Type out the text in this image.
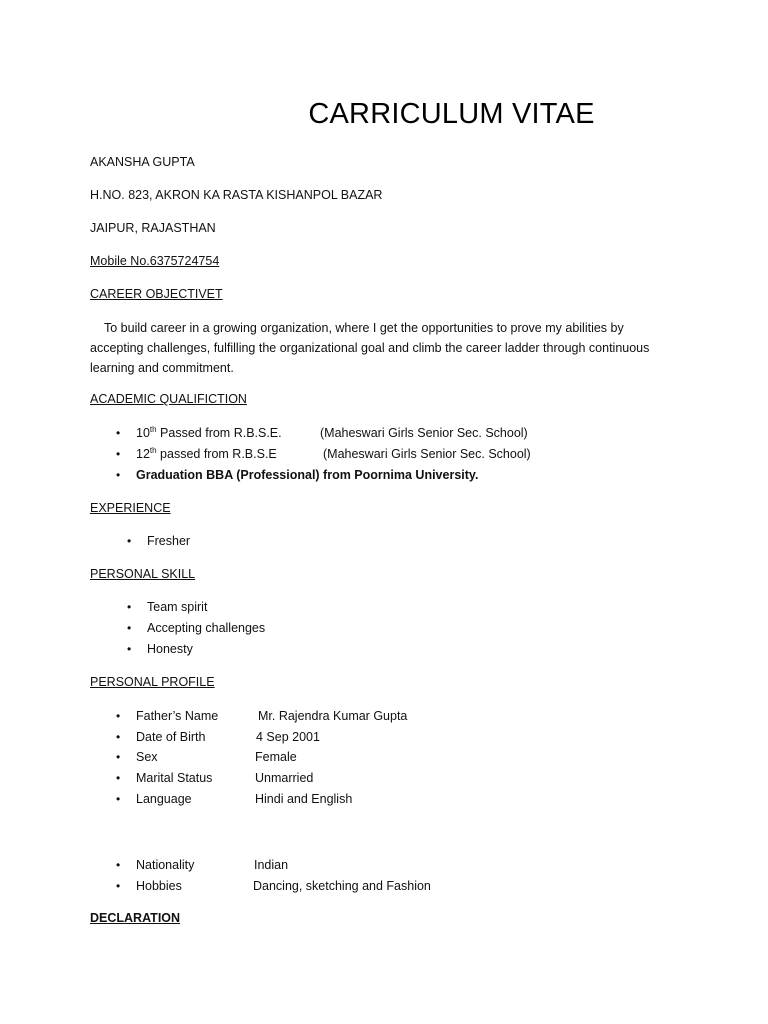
CARRICULUM VITAE
AKANSHA GUPTA
H.NO. 823, AKRON KA RASTA KISHANPOL BAZAR
JAIPUR, RAJASTHAN
Mobile No.6375724754
CAREER OBJECTIVET
To build career in a growing organization, where I get the opportunities to prove my abilities by accepting challenges, fulfilling the organizational goal and climb the career ladder through continuous learning and commitment.
ACADEMIC QUALIFICTION
• 10th Passed from R.B.S.E.	(Maheswari Girls Senior Sec. School)
• 12th passed from R.B.S.E	(Maheswari Girls Senior Sec. School)
• Graduation BBA (Professional) from Poornima University.
EXPERIENCE
• Fresher
PERSONAL SKILL
• Team spirit
• Accepting challenges
• Honesty
PERSONAL PROFILE
• Father’s Name	Mr. Rajendra Kumar Gupta
• Date of Birth	4 Sep 2001
• Sex	Female
• Marital Status	Unmarried
• Language	Hindi and English
• Nationality	Indian
• Hobbies	Dancing, sketching and Fashion
DECLARATION
